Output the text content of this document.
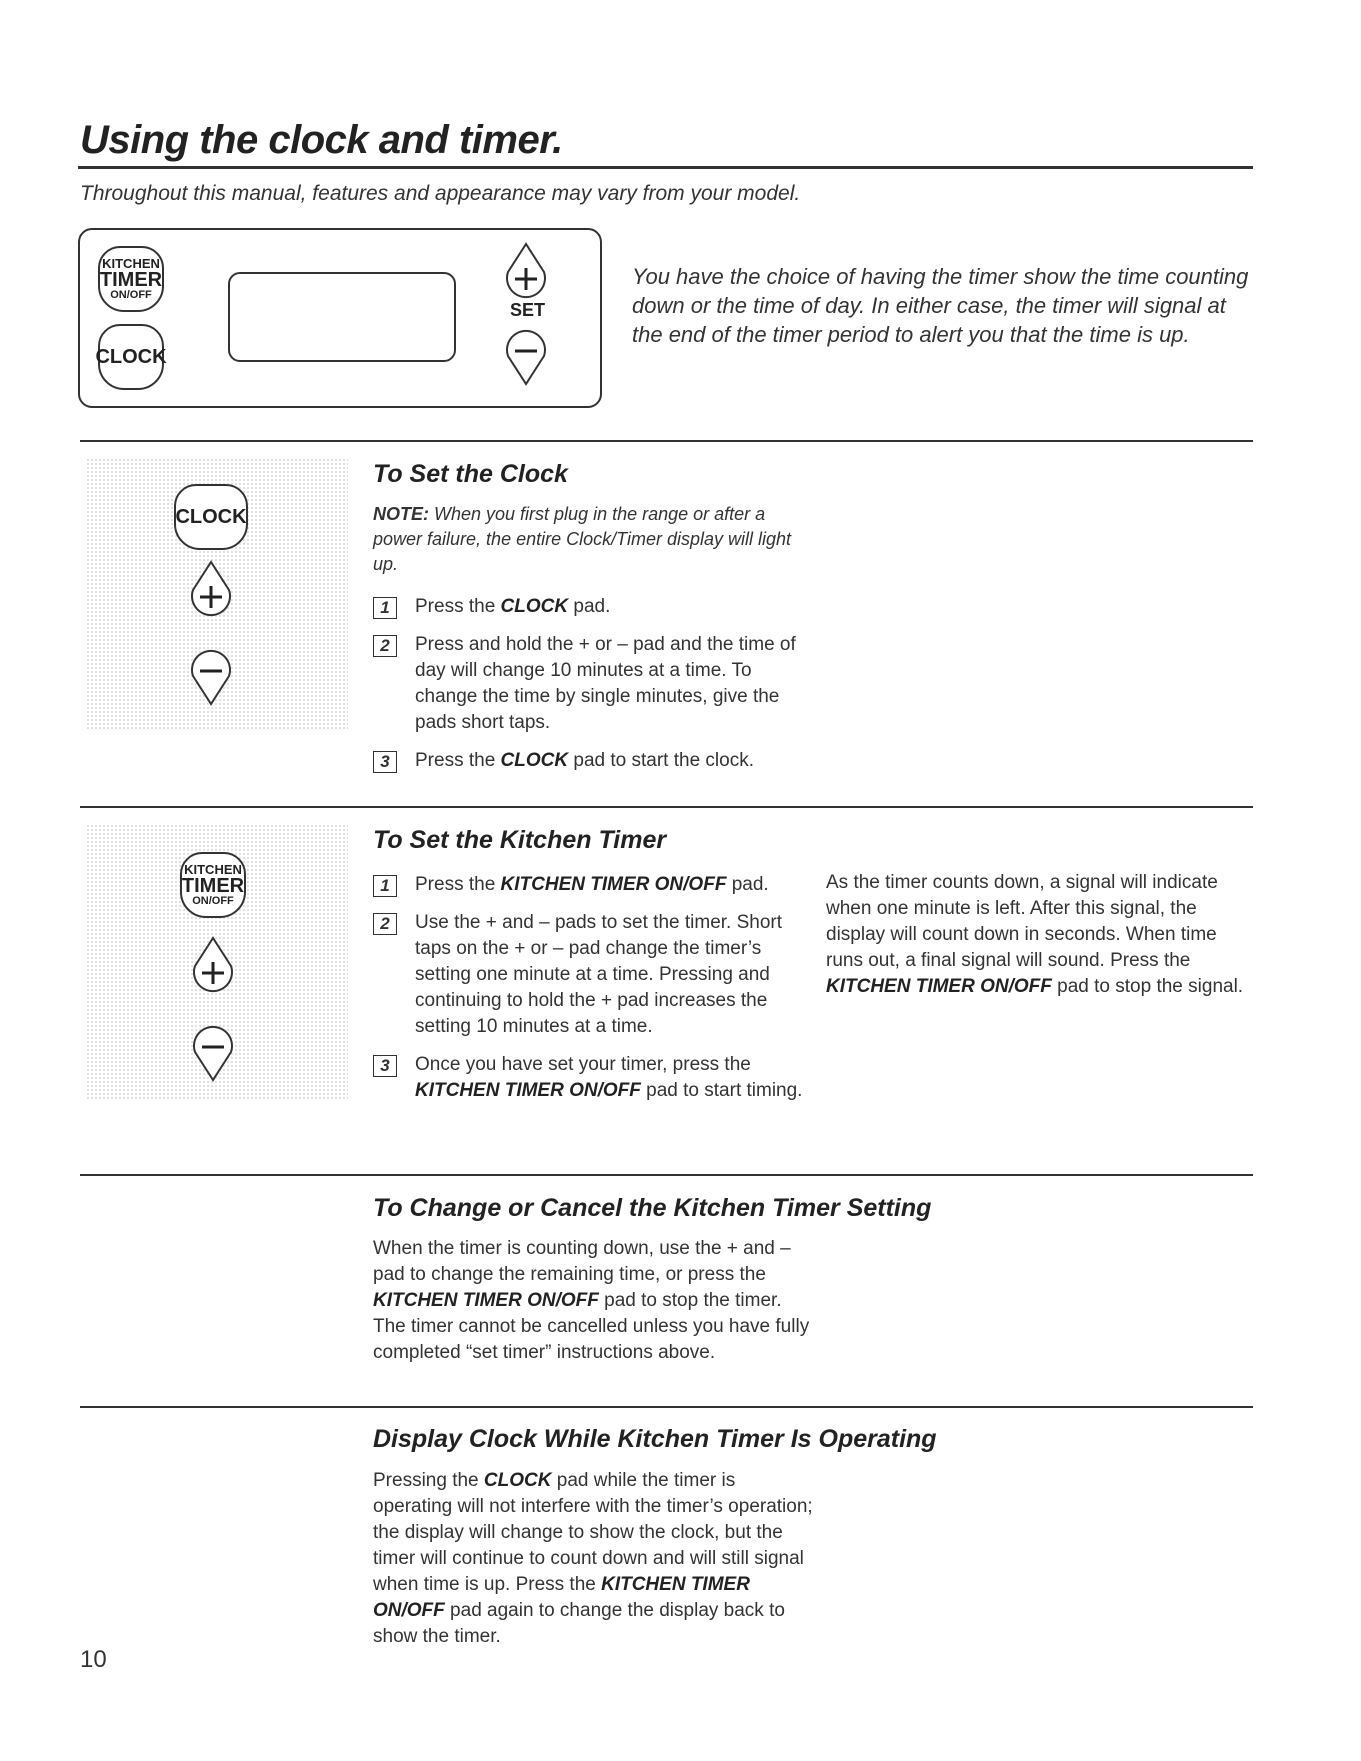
Using the clock and timer.
Throughout this manual, features and appearance may vary from your model.
KITCHEN
TIMER
ON/OFF
CLOCK
SET
You have the choice of having the timer show the time counting down or the time of day. In either case, the timer will signal at the end of the timer period to alert you that the time is up.
CLOCK
To Set the Clock
NOTE: When you first plug in the range or after a power failure, the entire Clock/Timer display will light up.
1	Press the CLOCK pad.
2	Press and hold the + or – pad and the time of day will change 10 minutes at a time. To change the time by single minutes, give the pads short taps.
3	Press the CLOCK pad to start the clock.
KITCHEN
TIMER
ON/OFF
To Set the Kitchen Timer
1	Press the KITCHEN TIMER ON/OFF pad.
2	Use the + and – pads to set the timer. Short taps on the + or – pad change the timer’s setting one minute at a time. Pressing and continuing to hold the + pad increases the setting 10 minutes at a time.
3	Once you have set your timer, press the KITCHEN TIMER ON/OFF pad to start timing.
As the timer counts down, a signal will indicate when one minute is left. After this signal, the display will count down in seconds. When time runs out, a final signal will sound. Press the KITCHEN TIMER ON/OFF pad to stop the signal.
To Change or Cancel the Kitchen Timer Setting
When the timer is counting down, use the + and – pad to change the remaining time, or press the KITCHEN TIMER ON/OFF pad to stop the timer. The timer cannot be cancelled unless you have fully completed “set timer” instructions above.
Display Clock While Kitchen Timer Is Operating
Pressing the CLOCK pad while the timer is operating will not interfere with the timer’s operation; the display will change to show the clock, but the timer will continue to count down and will still signal when time is up. Press the KITCHEN TIMER ON/OFF pad again to change the display back to show the timer.
10
